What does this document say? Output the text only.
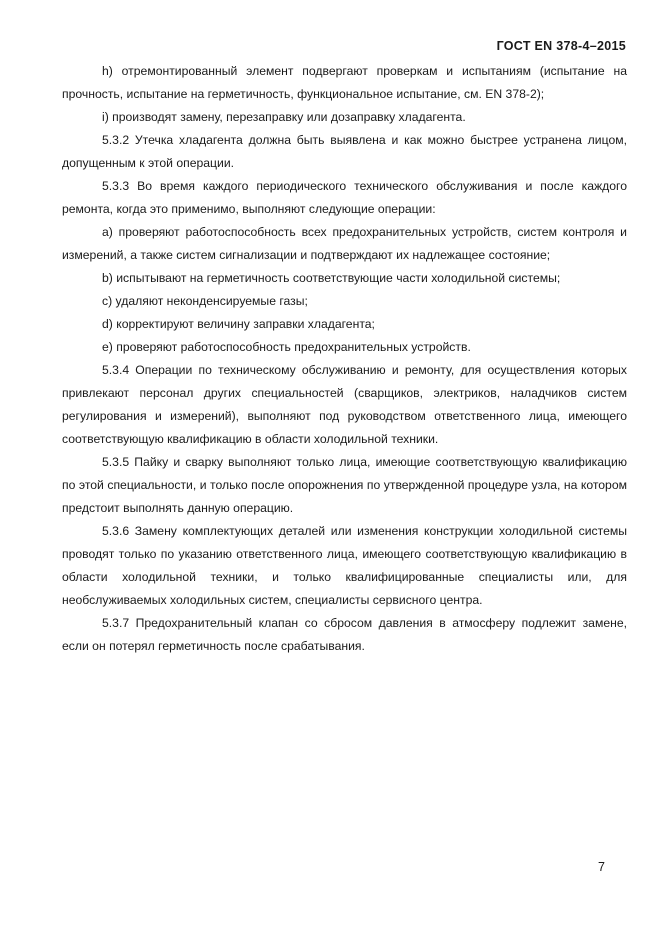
ГОСТ EN 378-4–2015

h) отремонтированный элемент подвергают проверкам и испытаниям (испытание на прочность, испытание на герметичность, функциональное испытание, см. EN 378-2);

i) производят замену, перезаправку или дозаправку хладагента.

5.3.2 Утечка хладагента должна быть выявлена и как можно быстрее устранена лицом, допущенным к этой операции.

5.3.3 Во время каждого периодического технического обслуживания и после каждого ремонта, когда это применимо, выполняют следующие операции:

a) проверяют работоспособность всех предохранительных устройств, систем контроля и измерений, а также систем сигнализации и подтверждают их надлежащее состояние;

b) испытывают на герметичность соответствующие части холодильной системы;

c) удаляют неконденсируемые газы;

d) корректируют величину заправки хладагента;

e) проверяют работоспособность предохранительных устройств.

5.3.4 Операции по техническому обслуживанию и ремонту, для осуществления которых привлекают персонал других специальностей (сварщиков, электриков, наладчиков систем регулирования и измерений), выполняют под руководством ответственного лица, имеющего соответствующую квалификацию в области холодильной техники.

5.3.5 Пайку и сварку выполняют только лица, имеющие соответствующую квалификацию по этой специальности, и только после опорожнения по утвержденной процедуре узла, на котором предстоит выполнять данную операцию.

5.3.6 Замену комплектующих деталей или изменения конструкции холодильной системы проводят только по указанию ответственного лица, имеющего соответствующую квалификацию в области холодильной техники, и только квалифицированные специалисты или, для необслуживаемых холодильных систем, специалисты сервисного центра.

5.3.7 Предохранительный клапан со сбросом давления в атмосферу подлежит замене, если он потерял герметичность после срабатывания.

7
